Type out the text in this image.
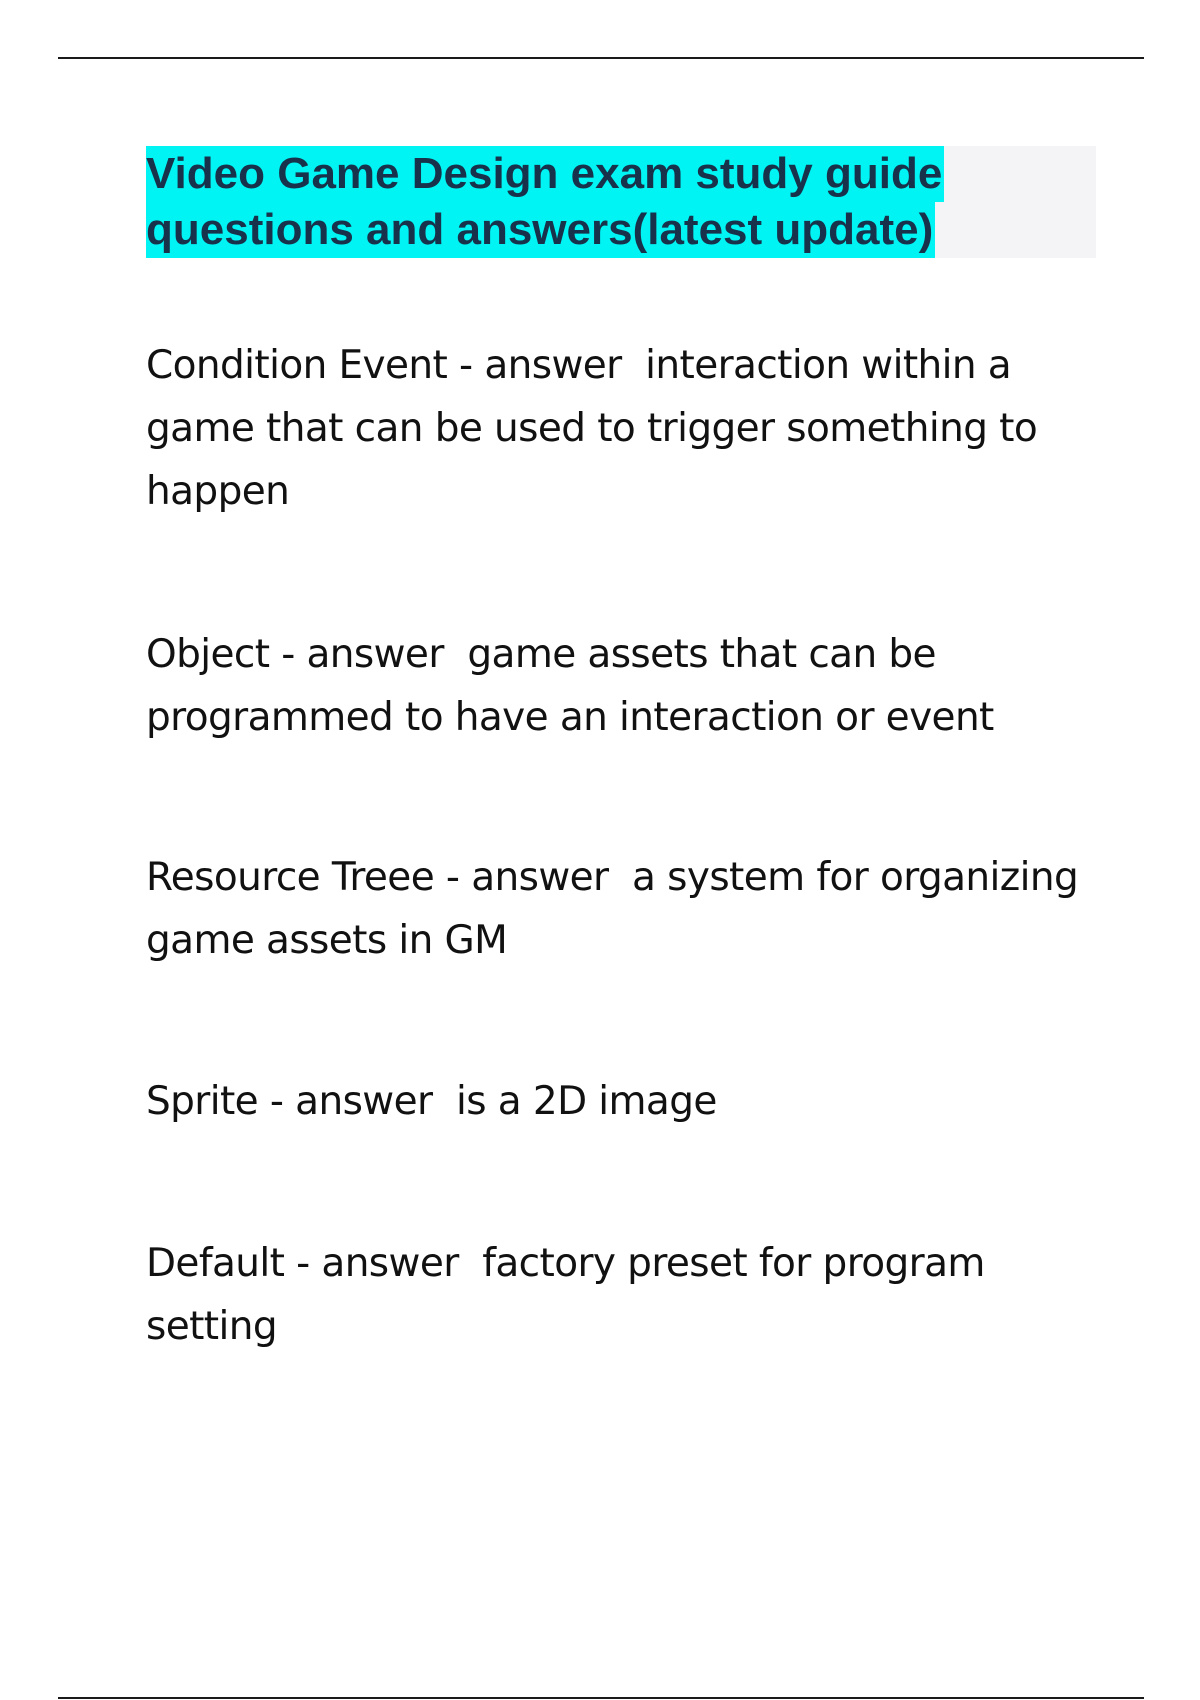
Video Game Design exam study guide
questions and answers(latest update)
Condition Event - answer  interaction within a game that can be used to trigger something to happen
Object - answer  game assets that can be programmed to have an interaction or event
Resource Treee - answer  a system for organizing game assets in GM
Sprite - answer  is a 2D image
Default - answer  factory preset for program setting
